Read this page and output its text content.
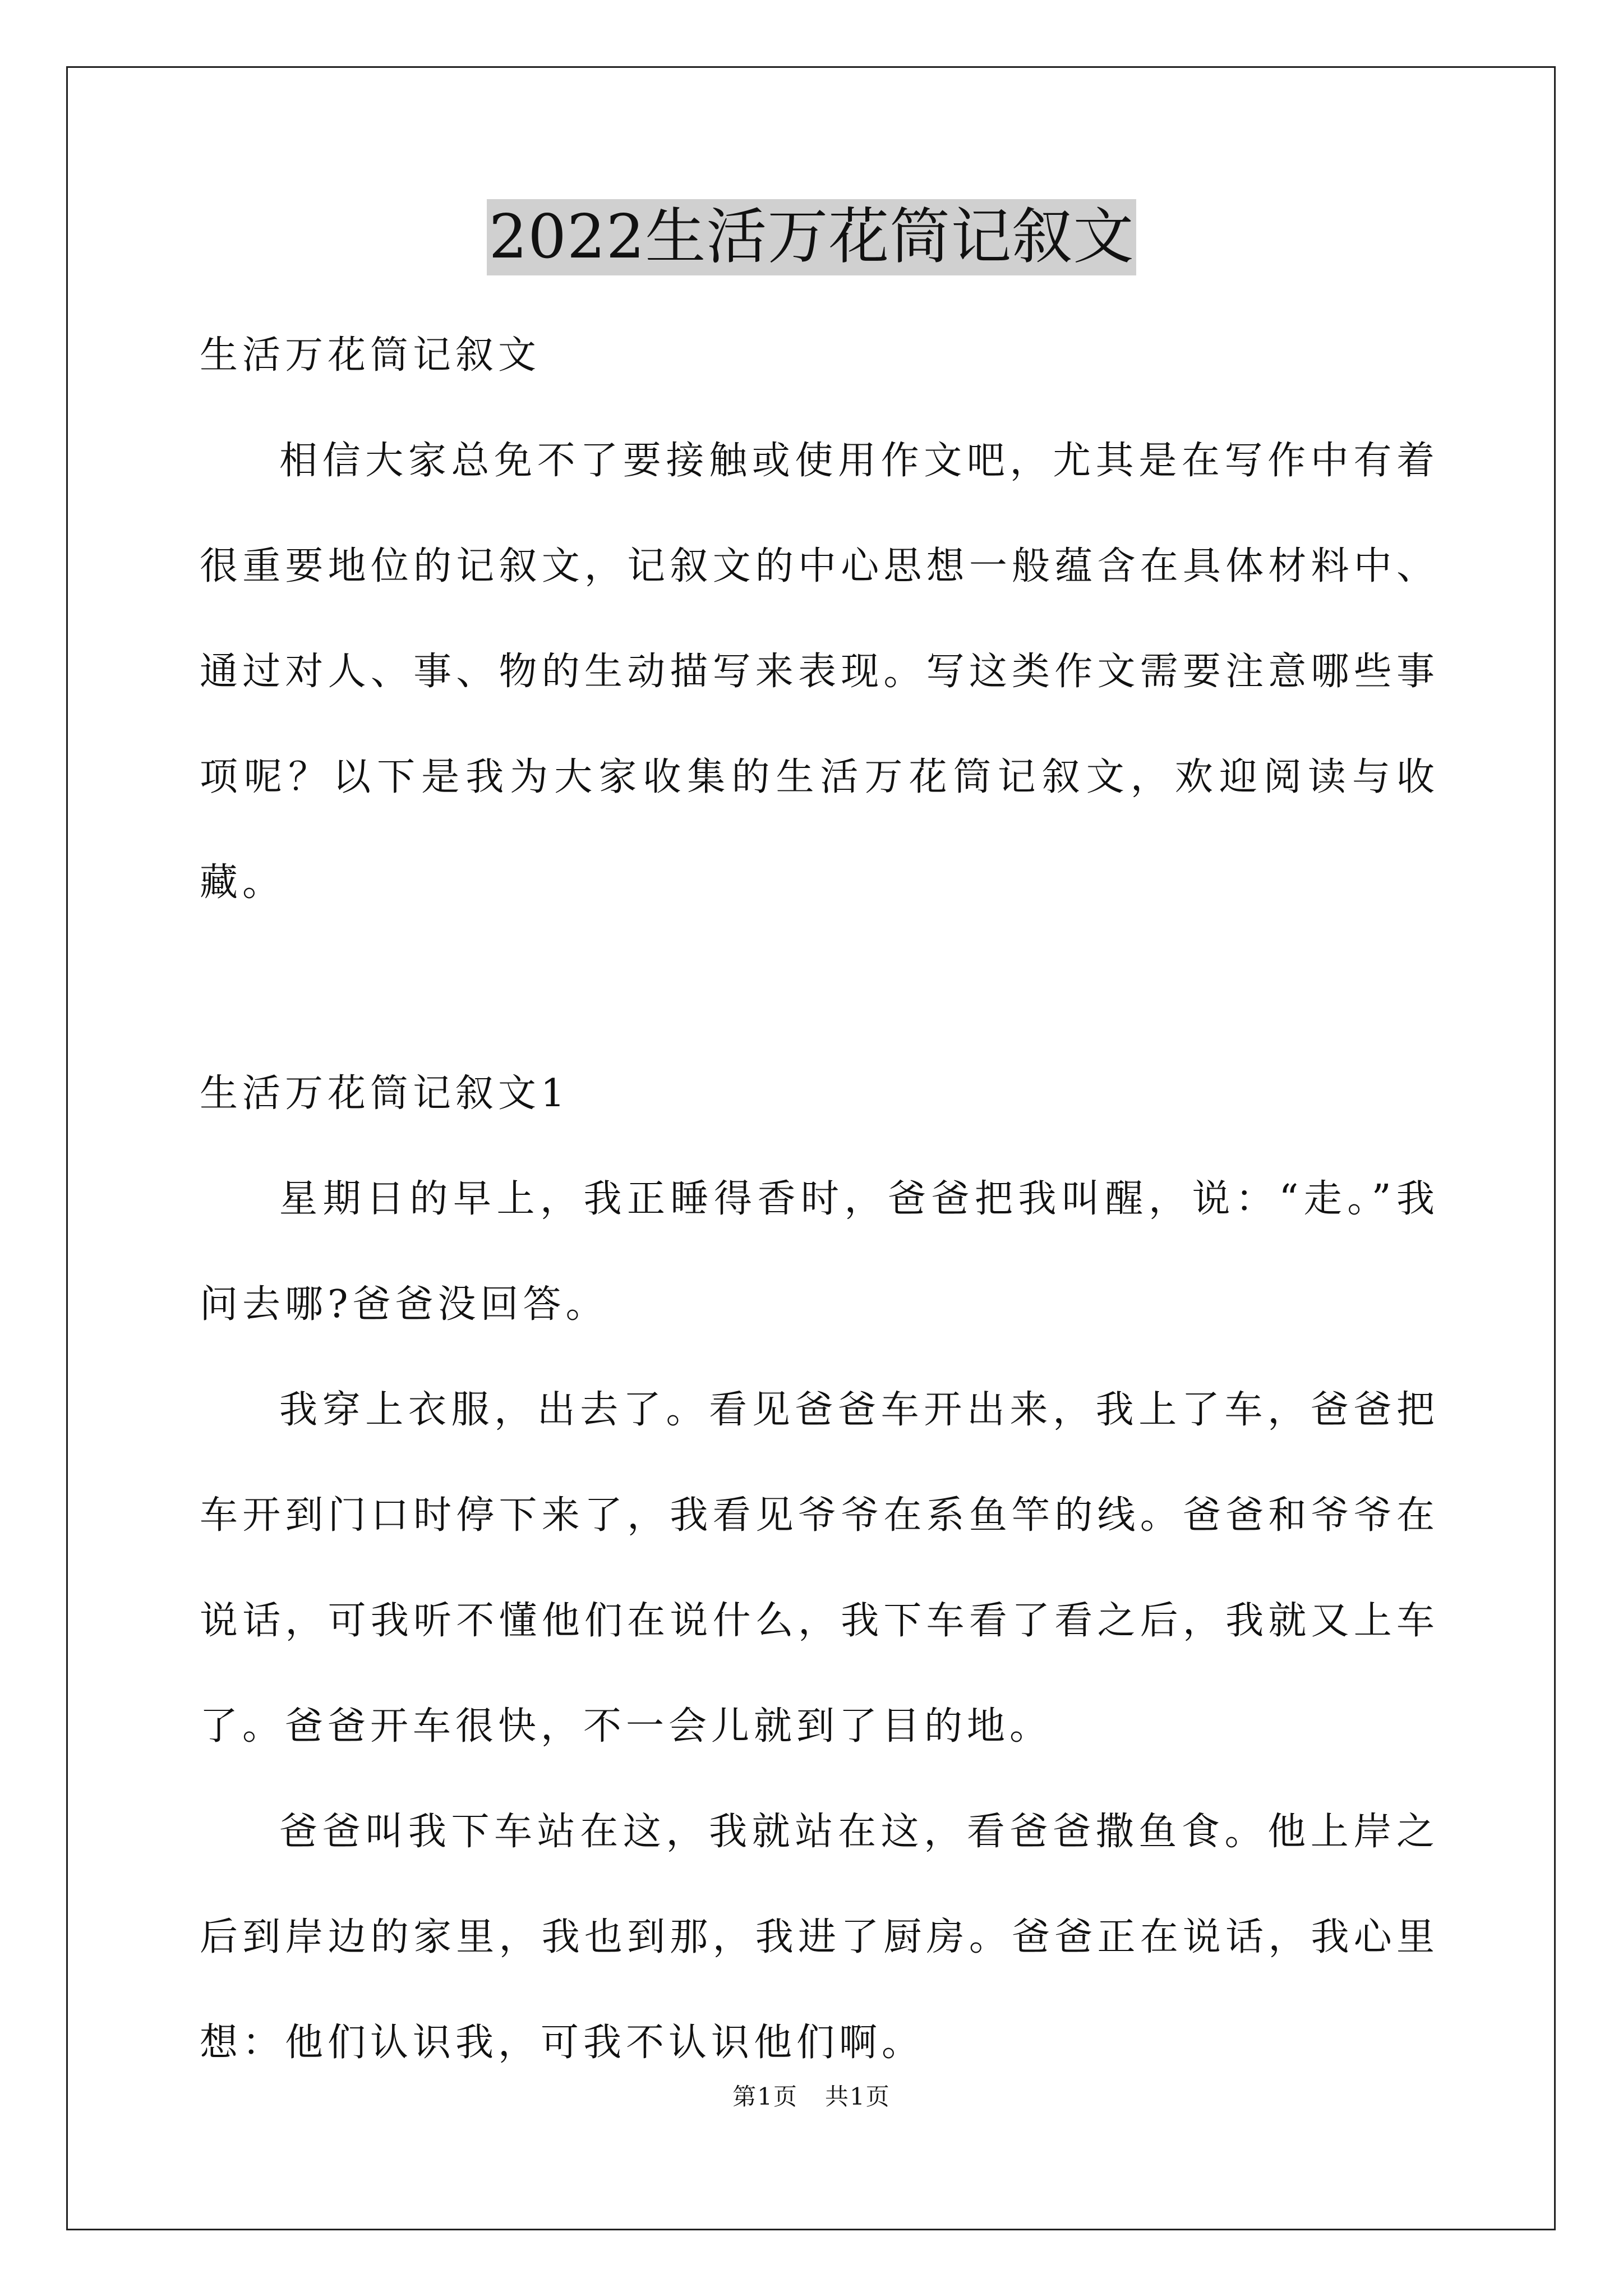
2022生活万花筒记叙文

生活万花筒记叙文

相信大家总免不了要接触或使用作文吧，尤其是在写作中有着很重要地位的记叙文，记叙文的中心思想一般蕴含在具体材料中、通过对人、事、物的生动描写来表现。写这类作文需要注意哪些事项呢？以下是我为大家收集的生活万花筒记叙文，欢迎阅读与收藏。

生活万花筒记叙文1

星期日的早上，我正睡得香时，爸爸把我叫醒，说：“走。”我问去哪?爸爸没回答。

我穿上衣服，出去了。看见爸爸车开出来，我上了车，爸爸把车开到门口时停下来了，我看见爷爷在系鱼竿的线。爸爸和爷爷在说话，可我听不懂他们在说什么，我下车看了看之后，我就又上车了。爸爸开车很快，不一会儿就到了目的地。

爸爸叫我下车站在这，我就站在这，看爸爸撒鱼食。他上岸之后到岸边的家里，我也到那，我进了厨房。爸爸正在说话，我心里想：他们认识我，可我不认识他们啊。

第1页 共1页
